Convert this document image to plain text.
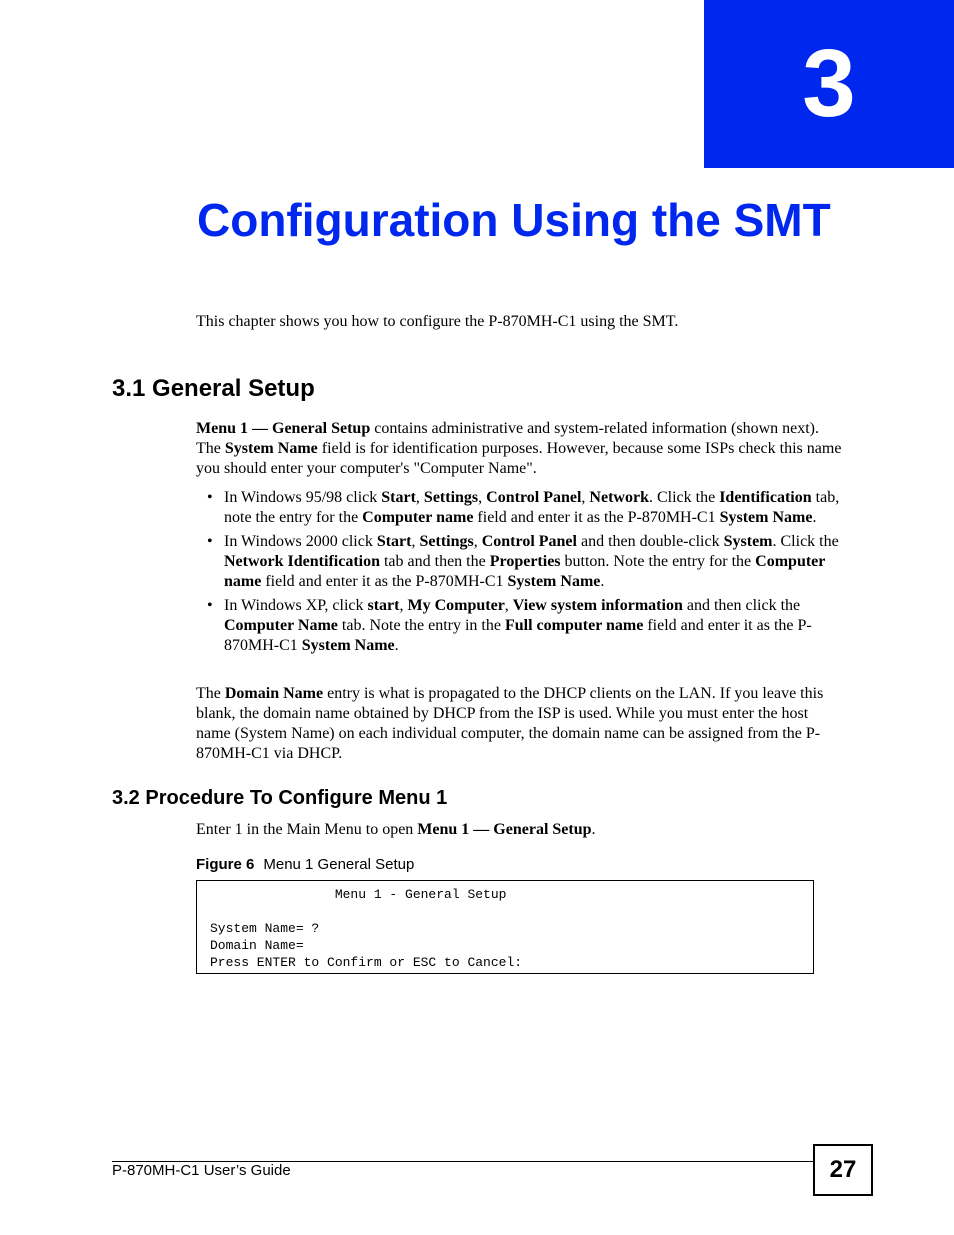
3
Configuration Using the SMT

This chapter shows you how to configure the P-870MH-C1 using the SMT.

3.1 General Setup

Menu 1 — General Setup contains administrative and system-related information (shown next). The System Name field is for identification purposes. However, because some ISPs check this name you should enter your computer's "Computer Name".

• In Windows 95/98 click Start, Settings, Control Panel, Network. Click the Identification tab, note the entry for the Computer name field and enter it as the P-870MH-C1 System Name.
• In Windows 2000 click Start, Settings, Control Panel and then double-click System. Click the Network Identification tab and then the Properties button. Note the entry for the Computer name field and enter it as the P-870MH-C1 System Name.
• In Windows XP, click start, My Computer, View system information and then click the Computer Name tab. Note the entry in the Full computer name field and enter it as the P-870MH-C1 System Name.

The Domain Name entry is what is propagated to the DHCP clients on the LAN. If you leave this blank, the domain name obtained by DHCP from the ISP is used. While you must enter the host name (System Name) on each individual computer, the domain name can be assigned from the P-870MH-C1 via DHCP.

3.2 Procedure To Configure Menu 1

Enter 1 in the Main Menu to open Menu 1 — General Setup.

Figure 6 Menu 1 General Setup

Menu 1 - General Setup

System Name= ?
Domain Name=
Press ENTER to Confirm or ESC to Cancel:
P-870MH-C1 User’s Guide	27
